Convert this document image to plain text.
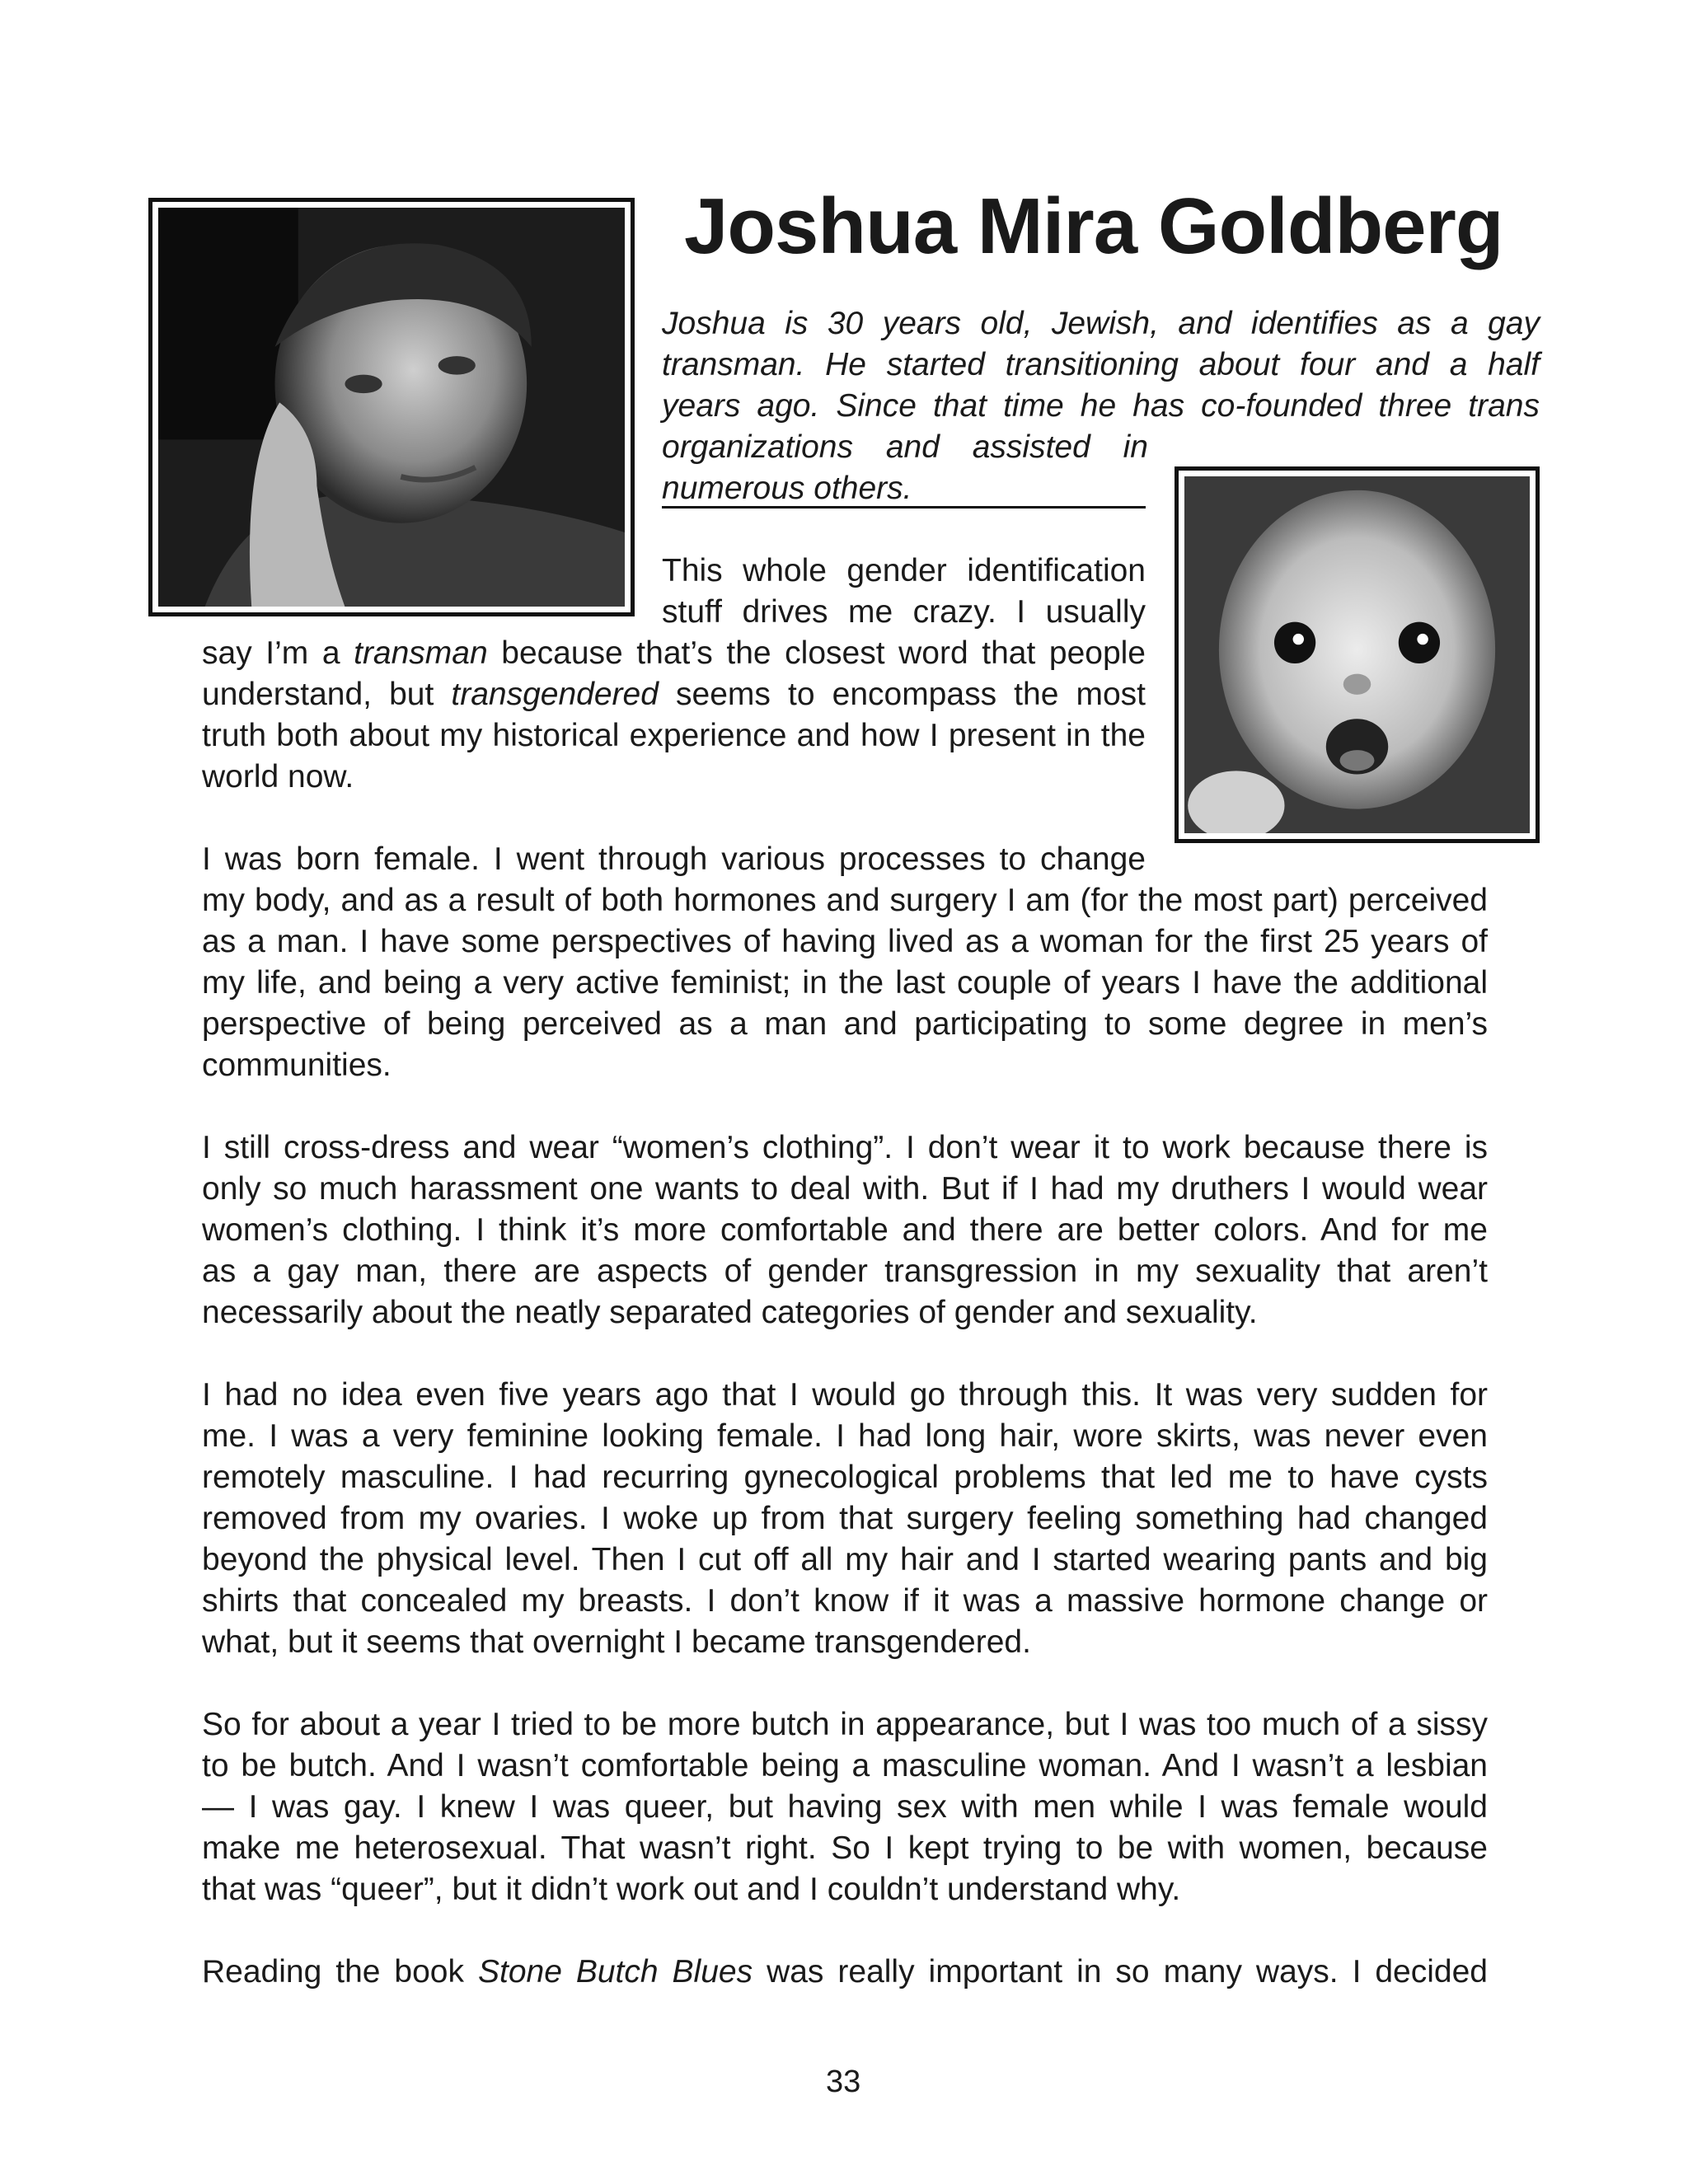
Joshua Mira Goldberg
Joshua is 30 years old, Jewish, and identifies as a gay
transman. He started transitioning about four and a half
years ago. Since that time he has co-founded three trans
organizations and assisted in
numerous others.
This whole gender identification
stuff drives me crazy. I usually
say I’m a transman because that’s the closest word that people
understand, but transgendered seems to encompass the most
truth both about my historical experience and how I present in the
world now.
I was born female. I went through various processes to change
my body, and as a result of both hormones and surgery I am (for the most part) perceived
as a man. I have some perspectives of having lived as a woman for the first 25 years of
my life, and being a very active feminist; in the last couple of years I have the additional
perspective of being perceived as a man and participating to some degree in men’s
communities.
I still cross-dress and wear “women’s clothing”. I don’t wear it to work because there is
only so much harassment one wants to deal with. But if I had my druthers I would wear
women’s clothing. I think it’s more comfortable and there are better colors. And for me
as a gay man, there are aspects of gender transgression in my sexuality that aren’t
necessarily about the neatly separated categories of gender and sexuality.
I had no idea even five years ago that I would go through this. It was very sudden for
me. I was a very feminine looking female. I had long hair, wore skirts, was never even
remotely masculine. I had recurring gynecological problems that led me to have cysts
removed from my ovaries. I woke up from that surgery feeling something had changed
beyond the physical level. Then I cut off all my hair and I started wearing pants and big
shirts that concealed my breasts. I don’t know if it was a massive hormone change or
what, but it seems that overnight I became transgendered.
So for about a year I tried to be more butch in appearance, but I was too much of a sissy
to be butch. And I wasn’t comfortable being a masculine woman. And I wasn’t a lesbian
— I was gay. I knew I was queer, but having sex with men while I was female would
make me heterosexual. That wasn’t right. So I kept trying to be with women, because
that was “queer”, but it didn’t work out and I couldn’t understand why.
Reading the book Stone Butch Blues was really important in so many ways. I decided
33
